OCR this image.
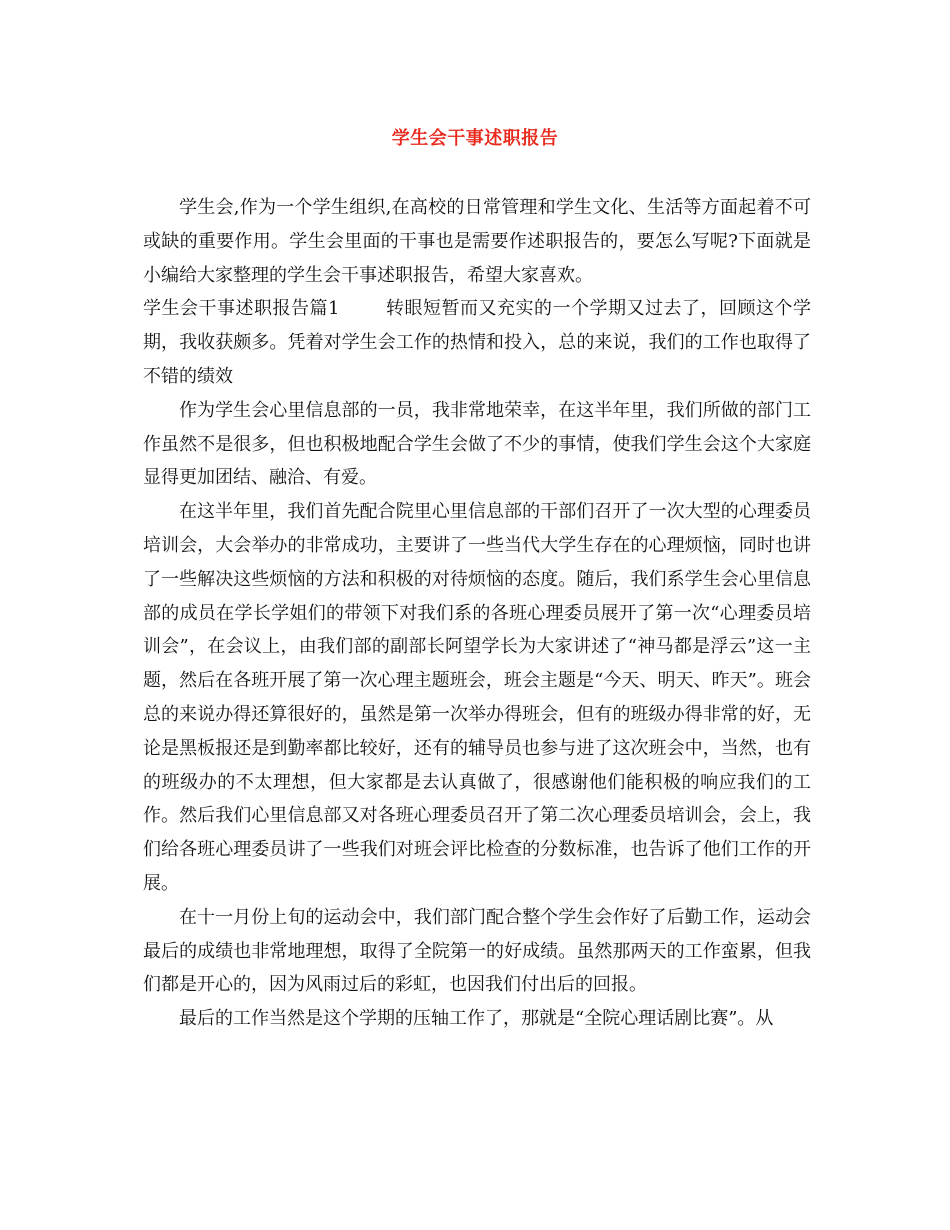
学生会干事述职报告

学生会,作为一个学生组织,在高校的日常管理和学生文化、生活等方面起着不可或缺的重要作用。学生会里面的干事也是需要作述职报告的，要怎么写呢?下面就是小编给大家整理的学生会干事述职报告，希望大家喜欢。

学生会干事述职报告篇1	转眼短暂而又充实的一个学期又过去了，回顾这个学期，我收获颇多。凭着对学生会工作的热情和投入，总的来说，我们的工作也取得了不错的绩效

作为学生会心里信息部的一员，我非常地荣幸，在这半年里，我们所做的部门工作虽然不是很多，但也积极地配合学生会做了不少的事情，使我们学生会这个大家庭显得更加团结、融洽、有爱。

在这半年里，我们首先配合院里心里信息部的干部们召开了一次大型的心理委员培训会，大会举办的非常成功，主要讲了一些当代大学生存在的心理烦恼，同时也讲了一些解决这些烦恼的方法和积极的对待烦恼的态度。随后，我们系学生会心里信息部的成员在学长学姐们的带领下对我们系的各班心理委员展开了第一次“心理委员培训会”，在会议上，由我们部的副部长阿望学长为大家讲述了“神马都是浮云”这一主题，然后在各班开展了第一次心理主题班会，班会主题是“今天、明天、昨天”。班会总的来说办得还算很好的，虽然是第一次举办得班会，但有的班级办得非常的好，无论是黑板报还是到勤率都比较好，还有的辅导员也参与进了这次班会中，当然，也有的班级办的不太理想，但大家都是去认真做了，很感谢他们能积极的响应我们的工作。然后我们心里信息部又对各班心理委员召开了第二次心理委员培训会，会上，我们给各班心理委员讲了一些我们对班会评比检查的分数标准，也告诉了他们工作的开展。

在十一月份上旬的运动会中，我们部门配合整个学生会作好了后勤工作，运动会最后的成绩也非常地理想，取得了全院第一的好成绩。虽然那两天的工作蛮累，但我们都是开心的，因为风雨过后的彩虹，也因我们付出后的回报。

最后的工作当然是这个学期的压轴工作了，那就是“全院心理话剧比赛”。从
